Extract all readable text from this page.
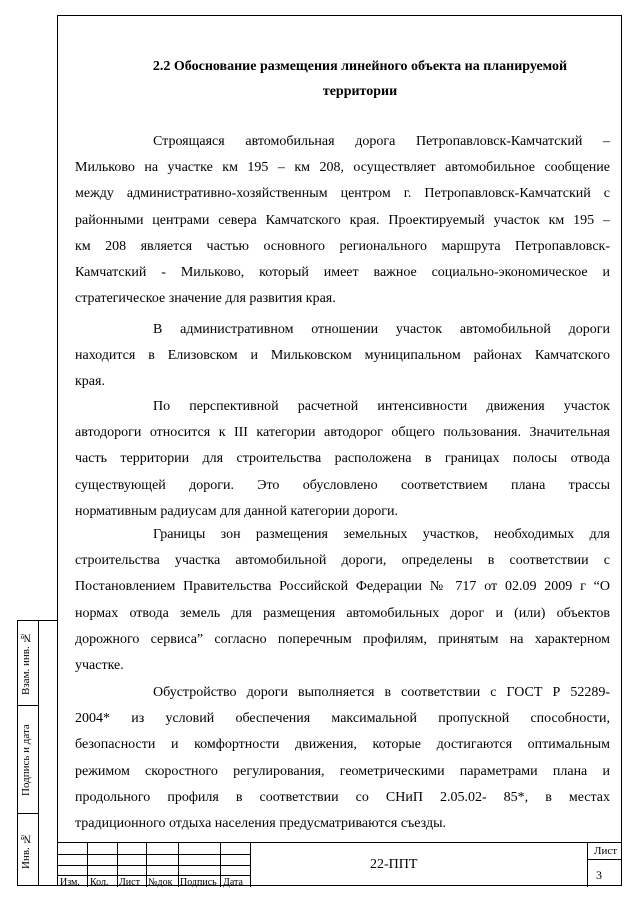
2.2 Обоснование размещения линейного объекта на планируемой
территории
Строящаяся автомобильная дорога Петропавловск-Камчатский –
Мильково на участке км 195 – км 208, осуществляет автомобильное сообщение
между административно-хозяйственным центром г. Петропавловск-Камчатский с
районными центрами севера Камчатского края. Проектируемый участок км 195 –
км 208 является частью основного регионального маршрута Петропавловск-
Камчатский - Мильково, который имеет важное социально-экономическое и
стратегическое значение для развития края.
В административном отношении участок автомобильной дороги
находится в Елизовском и Мильковском муниципальном районах Камчатского
края.
По перспективной расчетной интенсивности движения участок
автодороги относится к III категории автодорог общего пользования. Значительная
часть территории для строительства расположена в границах полосы отвода
существующей дороги. Это обусловлено соответствием плана трассы
нормативным радиусам для данной категории дороги.
Границы зон размещения земельных участков, необходимых для
строительства участка автомобильной дороги, определены в соответствии с
Постановлением Правительства Российской Федерации № 717 от 02.09 2009 г “О
нормах отвода земель для размещения автомобильных дорог и (или) объектов
дорожного сервиса” согласно поперечным профилям, принятым на характерном
участке.
Обустройство дороги выполняется в соответствии с ГОСТ Р 52289-
2004* из условий обеспечения максимальной пропускной способности,
безопасности и комфортности движения, которые достигаются оптимальным
режимом скоростного регулирования, геометрическими параметрами плана и
продольного профиля в соответствии со СНиП 2.05.02- 85*, в местах
традиционного отдыха населения предусматриваются съезды.
Взам. инв. №
Подпись и дата
Инв. №
Изм. Кол. Лист №док Подпись Дата
22-ППТ
Лист
3
